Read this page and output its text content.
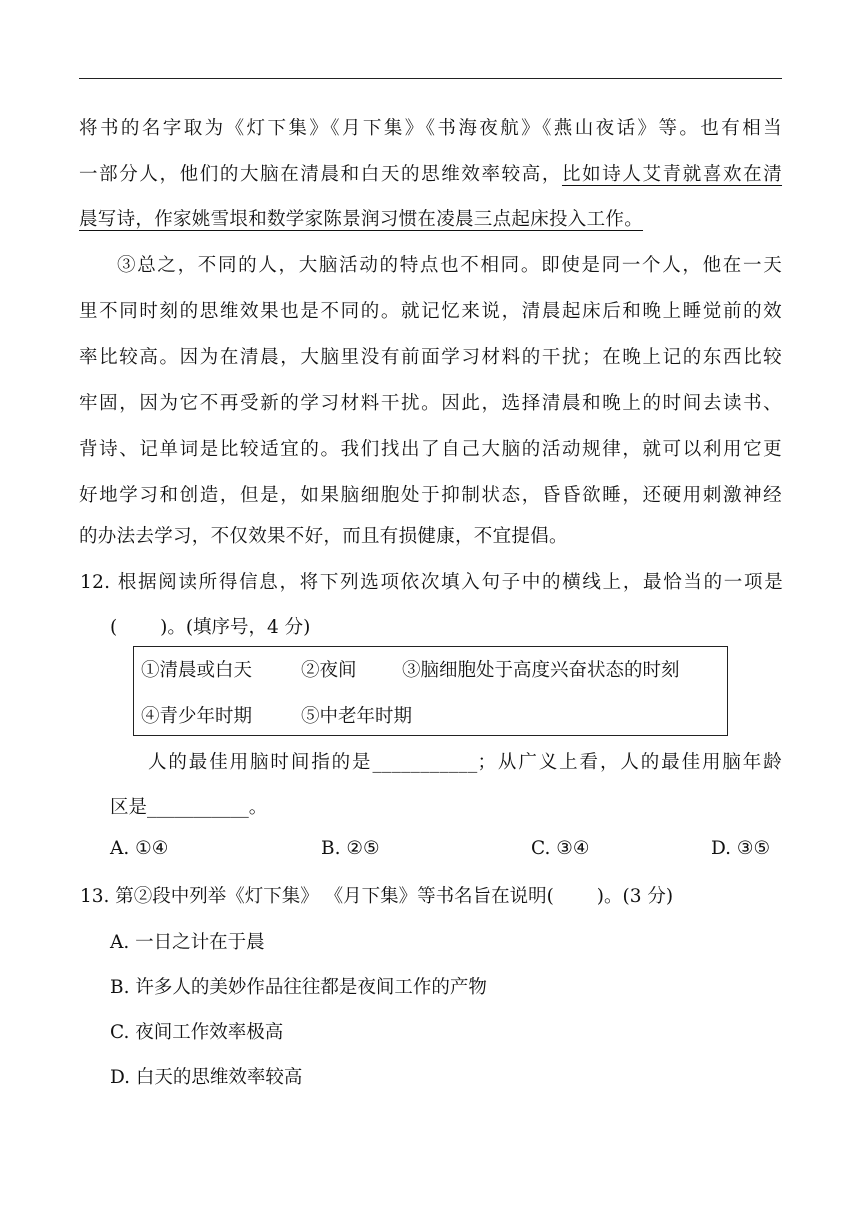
将书的名字取为《灯下集》《月下集》《书海夜航》《燕山夜话》等。也有相当
一部分人，他们的大脑在清晨和白天的思维效率较高，比如诗人艾青就喜欢在清
晨写诗，作家姚雪垠和数学家陈景润习惯在凌晨三点起床投入工作。
③总之，不同的人，大脑活动的特点也不相同。即使是同一个人，他在一天
里不同时刻的思维效果也是不同的。就记忆来说，清晨起床后和晚上睡觉前的效
率比较高。因为在清晨，大脑里没有前面学习材料的干扰；在晚上记的东西比较
牢固，因为它不再受新的学习材料干扰。因此，选择清晨和晚上的时间去读书、
背诗、记单词是比较适宜的。我们找出了自己大脑的活动规律，就可以利用它更
好地学习和创造，但是，如果脑细胞处于抑制状态，昏昏欲睡，还硬用刺激神经
的办法去学习，不仅效果不好，而且有损健康，不宜提倡。
12. 根据阅读所得信息，将下列选项依次填入句子中的横线上，最恰当的一项是
(　　 )。(填序号，4 分)
①清晨或白天	②夜间 ③脑细胞处于高度兴奋状态的时刻
④青少年时期	⑤中老年时期
人的最佳用脑时间指的是___________；从广义上看，人的最佳用脑年龄
区是___________。
A. ①④	B. ②⑤	C. ③④	D. ③⑤
13. 第②段中列举《灯下集》 《月下集》等书名旨在说明(　　 )。(3 分)
A. 一日之计在于晨
B. 许多人的美妙作品往往都是夜间工作的产物
C. 夜间工作效率极高
D. 白天的思维效率较高
